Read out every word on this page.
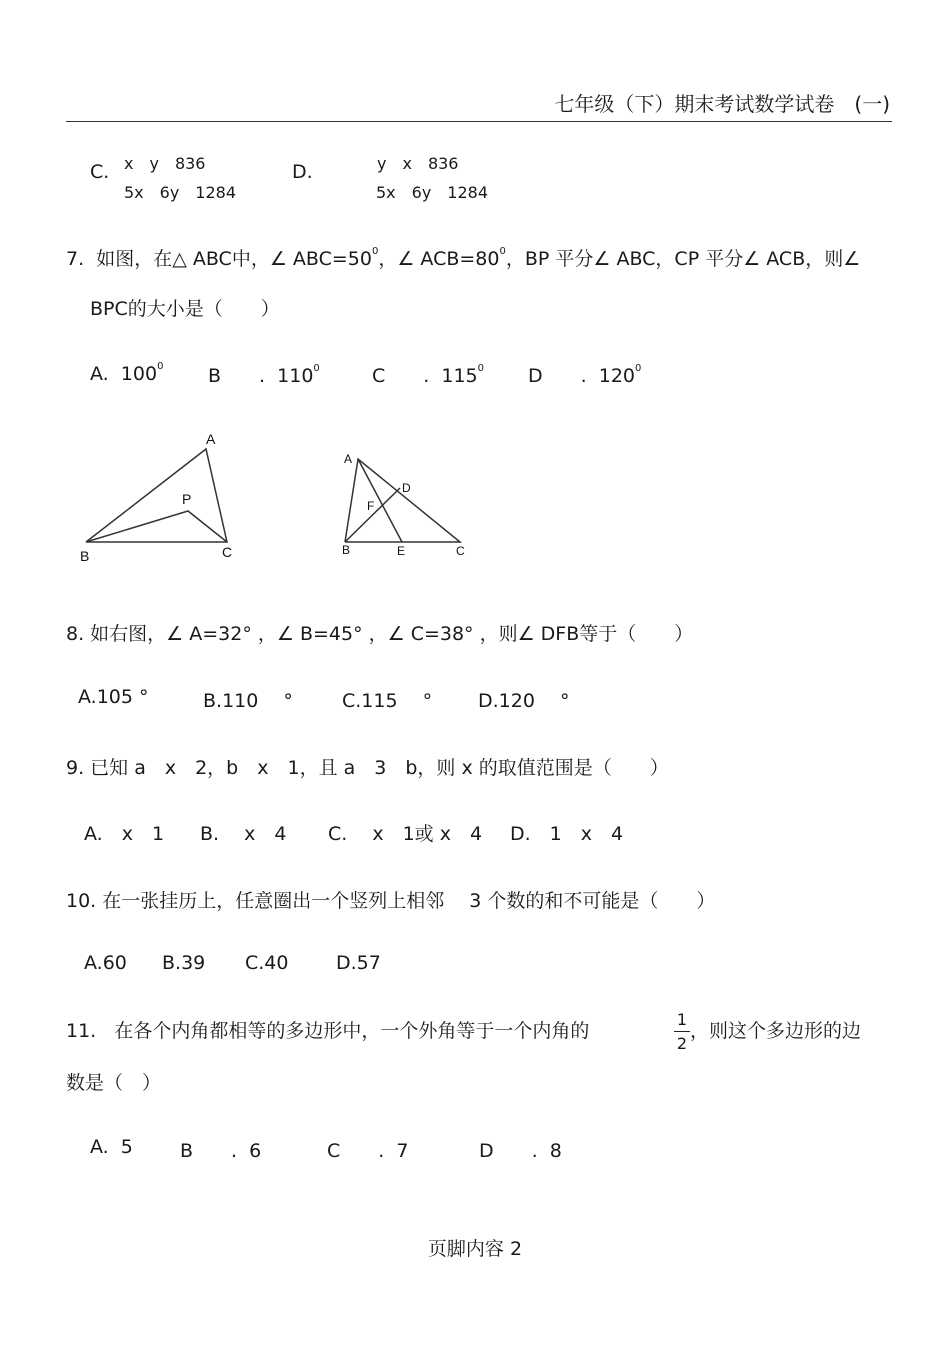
七年级（下）期末考试数学试卷　(一)
C. x　y　836
5x　6y　1284
D.	y　x　836
5x　6y　1284
7.  如图，在△ ABC中，∠ $ABC=50^0$，∠ $ACB=80^0$，BP 平分∠ ABC，CP 平分∠ ACB，则∠
BPC的大小是（　　）
A.  $100^0$ B　　.  $110^0$	C　　.  $115^0$ D　　.  $120^0$
A
P
B	C
A
D
F
B	E	C
8. 如右图，∠ A=32° ，∠ B=45° ，∠ C=38° ，则∠ DFB等于（　　）
A.105 °	B.110 　°	C.115 　° D.120 　°
9. 已知 a　x　2，b　x　1，且 a　3　b，则 x 的取值范围是（　　）
A.　x　1 B.　 x　4 C.　 x　1或 x　4 D.　1　x　4
10. 在一张挂历上，任意圈出一个竖列上相邻　 3 个数的和不可能是（　　）
A.60 B.39 C.40	D.57
11.   在各个内角都相等的多边形中，一个外角等于一个内角的	$\frac{1}{2}$ ，则这个多边形的边
数是（　）
A.  5 B　　.  6	C　　.  7	D　　.  8
页脚内容 2
